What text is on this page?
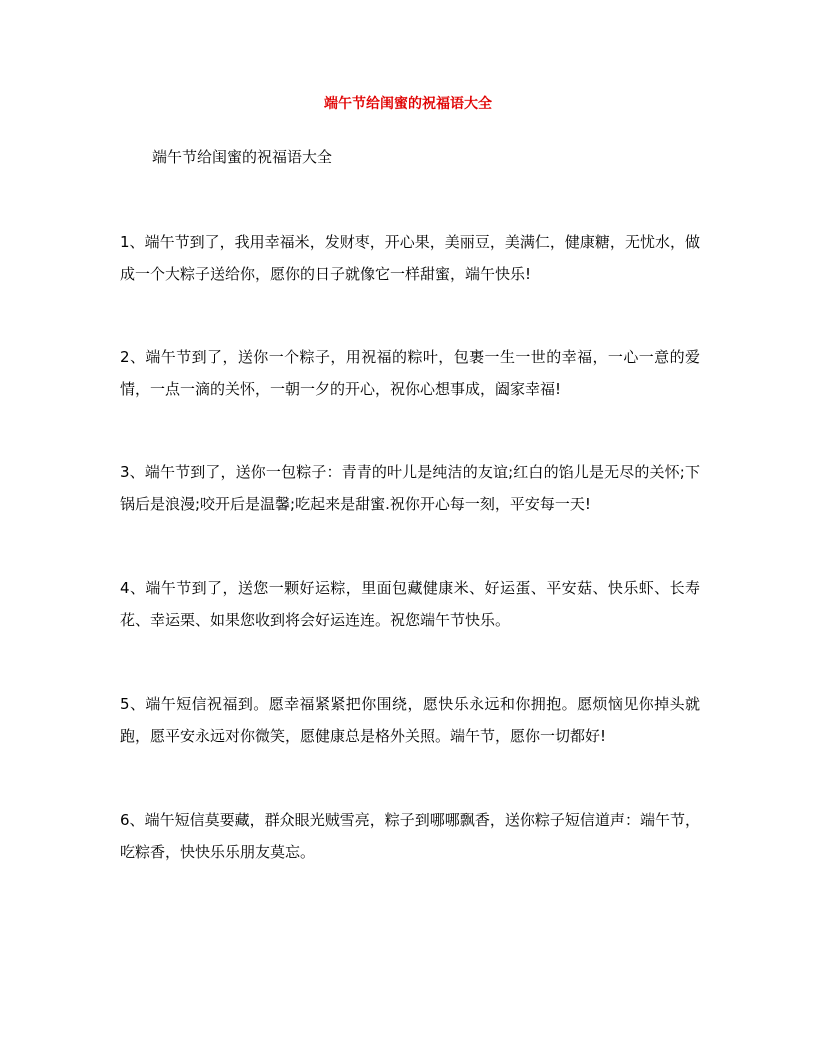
端午节给闺蜜的祝福语大全

端午节给闺蜜的祝福语大全

1、端午节到了，我用幸福米，发财枣，开心果，美丽豆，美满仁，健康糖，无忧水，做成一个大粽子送给你，愿你的日子就像它一样甜蜜，端午快乐!

2、端午节到了，送你一个粽子，用祝福的粽叶，包裹一生一世的幸福，一心一意的爱情，一点一滴的关怀，一朝一夕的开心，祝你心想事成，阖家幸福!

3、端午节到了，送你一包粽子：青青的叶儿是纯洁的友谊;红白的馅儿是无尽的关怀;下锅后是浪漫;咬开后是温馨;吃起来是甜蜜.祝你开心每一刻，平安每一天!

4、端午节到了，送您一颗好运粽，里面包藏健康米、好运蛋、平安菇、快乐虾、长寿花、幸运栗、如果您收到将会好运连连。祝您端午节快乐。

5、端午短信祝福到。愿幸福紧紧把你围绕，愿快乐永远和你拥抱。愿烦恼见你掉头就跑，愿平安永远对你微笑，愿健康总是格外关照。端午节，愿你一切都好!

6、端午短信莫要藏，群众眼光贼雪亮，粽子到哪哪飘香，送你粽子短信道声：端午节，吃粽香，快快乐乐朋友莫忘。
